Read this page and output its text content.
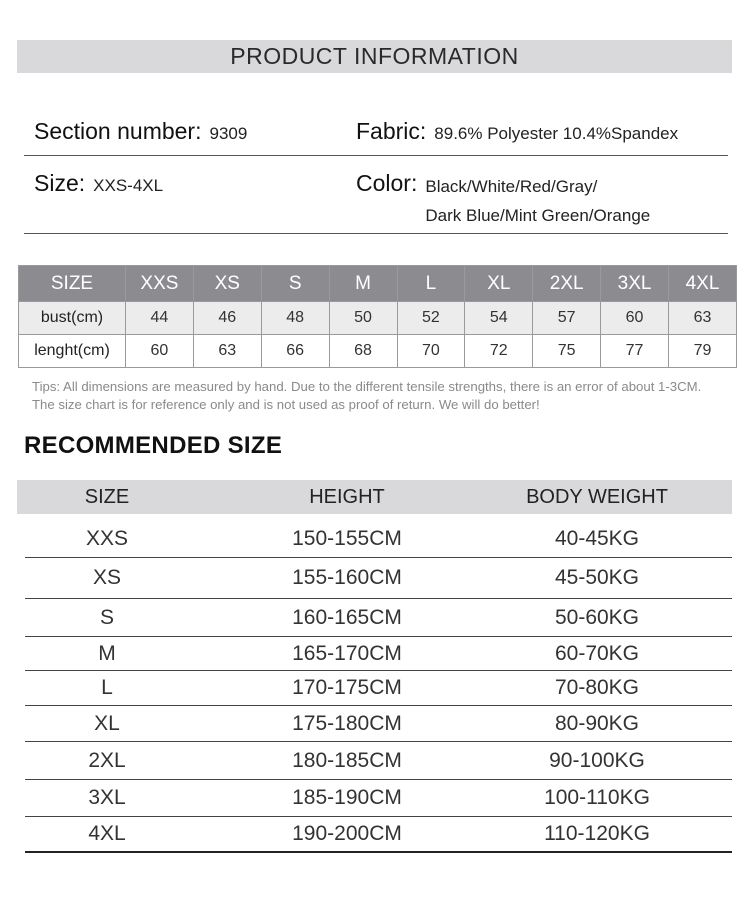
PRODUCT INFORMATION
Section number: 9309	Fabric: 89.6% Polyester 10.4%Spandex
Size: XXS-4XL	Color: Black/White/Red/Gray/
Dark Blue/Mint Green/Orange
SIZE	XXS	XS	S	M	L	XL	2XL	3XL	4XL
bust(cm)	44	46	48	50	52	54	57	60	63
lenght(cm)	60	63	66	68	70	72	75	77	79
Tips: All dimensions are measured by hand. Due to the different tensile strengths, there is an error of about 1-3CM. The size chart is for reference only and is not used as proof of return. We will do better!
RECOMMENDED SIZE
SIZE	HEIGHT	BODY WEIGHT
XXS	150-155CM	40-45KG
XS	155-160CM	45-50KG
S	160-165CM	50-60KG
M	165-170CM	60-70KG
L	170-175CM	70-80KG
XL	175-180CM	80-90KG
2XL	180-185CM	90-100KG
3XL	185-190CM	100-110KG
4XL	190-200CM	110-120KG
